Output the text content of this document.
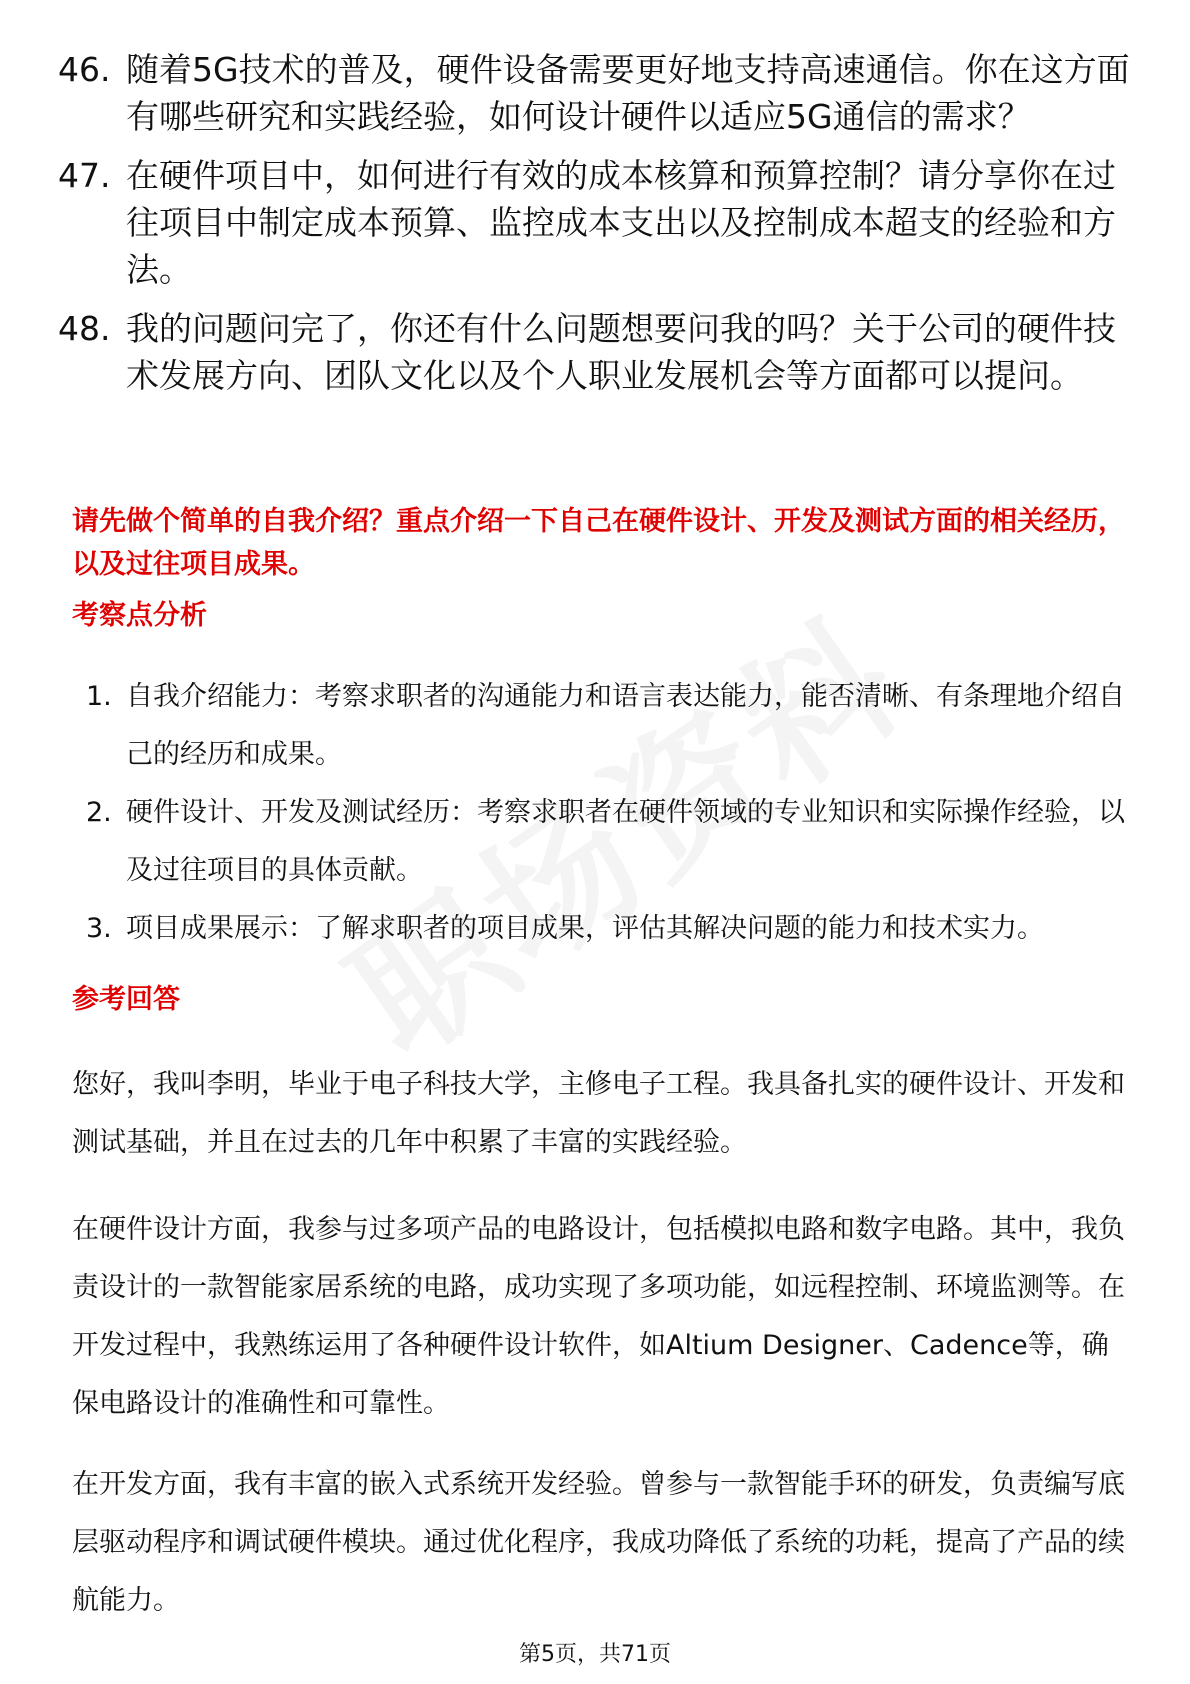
46. 随着5G技术的普及，硬件设备需要更好地支持高速通信。你在这方面有哪些研究和实践经验，如何设计硬件以适应5G通信的需求？
47. 在硬件项目中，如何进行有效的成本核算和预算控制？请分享你在过往项目中制定成本预算、监控成本支出以及控制成本超支的经验和方法。
48. 我的问题问完了，你还有什么问题想要问我的吗？关于公司的硬件技术发展方向、团队文化以及个人职业发展机会等方面都可以提问。
请先做个简单的自我介绍？重点介绍一下自己在硬件设计、开发及测试方面的相关经历，以及过往项目成果。
考察点分析
1. 自我介绍能力：考察求职者的沟通能力和语言表达能力，能否清晰、有条理地介绍自己的经历和成果。
2. 硬件设计、开发及测试经历：考察求职者在硬件领域的专业知识和实际操作经验，以及过往项目的具体贡献。
3. 项目成果展示：了解求职者的项目成果，评估其解决问题的能力和技术实力。
参考回答
您好，我叫李明，毕业于电子科技大学，主修电子工程。我具备扎实的硬件设计、开发和测试基础，并且在过去的几年中积累了丰富的实践经验。
在硬件设计方面，我参与过多项产品的电路设计，包括模拟电路和数字电路。其中，我负责设计的一款智能家居系统的电路，成功实现了多项功能，如远程控制、环境监测等。在开发过程中，我熟练运用了各种硬件设计软件，如Altium Designer、Cadence等，确保电路设计的准确性和可靠性。
在开发方面，我有丰富的嵌入式系统开发经验。曾参与一款智能手环的研发，负责编写底层驱动程序和调试硬件模块。通过优化程序，我成功降低了系统的功耗，提高了产品的续航能力。
第5页，共71页
